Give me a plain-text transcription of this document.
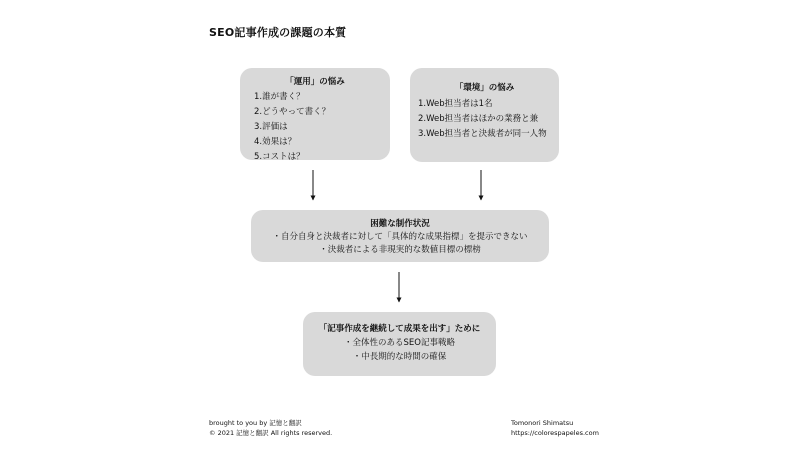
SEO記事作成の課題の本質
「運用」の悩み
1.誰が書く？
2.どうやって書く？
3.評価は
4.効果は？
5.コストは？
「環境」の悩み
1.Web担当者は1名
2.Web担当者はほかの業務と兼
3.Web担当者と決裁者が同一人物
困難な制作状況
・自分自身と決裁者に対して「具体的な成果指標」を提示できない
・決裁者による非現実的な数値目標の標榜
「記事作成を継続して成果を出す」ために
・全体性のあるSEO記事戦略
・中長期的な時間の確保
brought to you by 記憶と翻訳
© 2021 記憶と翻訳 All rights reserved.
Tomonori Shimatsu
https://colorespapeles.com
